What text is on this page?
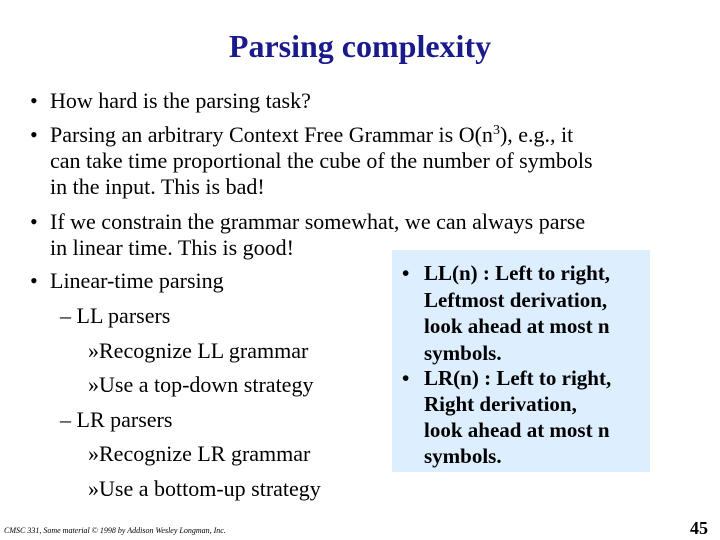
Parsing complexity
• How hard is the parsing task?
• Parsing an arbitrary Context Free Grammar is $O(n^3)$, e.g., it
can take time proportional the cube of the number of symbols
in the input. This is bad!
• If we constrain the grammar somewhat, we can always parse
in linear time. This is good!
• Linear-time parsing
– LL parsers
»Recognize LL grammar
»Use a top-down strategy
– LR parsers
»Recognize LR grammar
»Use a bottom-up strategy
• LL(n) : Left to right,
Leftmost derivation,
look ahead at most n
symbols.
• LR(n) : Left to right,
Right derivation,
look ahead at most n
symbols.
CMSC 331, Some material © 1998 by Addison Wesley Longman, Inc.	45
